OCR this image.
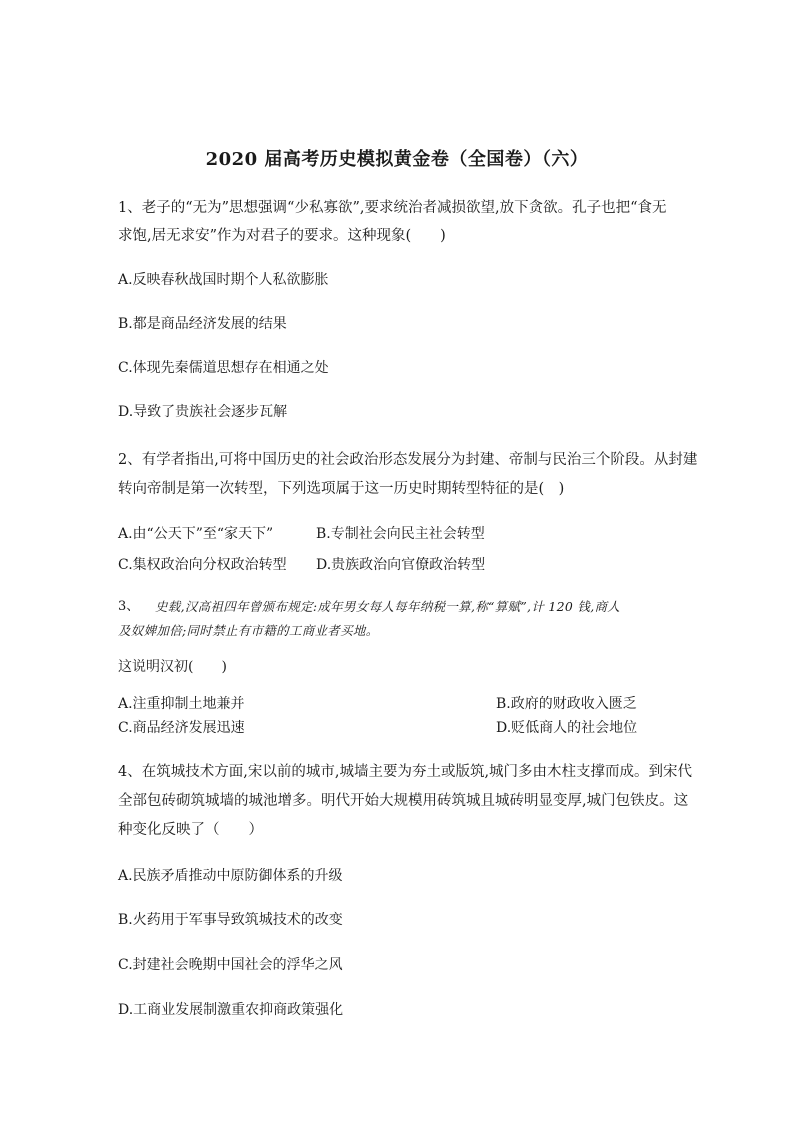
2020 届高考历史模拟黄金卷（全国卷）（六）
1、老子的“无为”思想强调“少私寡欲”,要求统治者减损欲望,放下贪欲。孔子也把“食无
求饱,居无求安”作为对君子的要求。这种现象(　　)
A.反映春秋战国时期个人私欲膨胀
B.都是商品经济发展的结果
C.体现先秦儒道思想存在相通之处
D.导致了贵族社会逐步瓦解
2、有学者指出,可将中国历史的社会政治形态发展分为封建、帝制与民治三个阶段。从封建
转向帝制是第一次转型，下列选项属于这一历史时期转型特征的是(　)
A.由“公天下”至“家天下”	B.专制社会向民主社会转型
C.集权政治向分权政治转型 D.贵族政治向官僚政治转型
3、 史载,汉高祖四年曾颁布规定:成年男女每人每年纳税一算,称“算赋”,计 120 钱,商人
及奴婢加倍;同时禁止有市籍的工商业者买地。
这说明汉初(　　)
A.注重抑制土地兼并	B.政府的财政收入匮乏
C.商品经济发展迅速	D.贬低商人的社会地位
4、在筑城技术方面,宋以前的城市,城墙主要为夯土或版筑,城门多由木柱支撑而成。到宋代
全部包砖砌筑城墙的城池增多。明代开始大规模用砖筑城且城砖明显变厚,城门包铁皮。这
种变化反映了（　　）
A.民族矛盾推动中原防御体系的升级
B.火药用于军事导致筑城技术的改变
C.封建社会晚期中国社会的浮华之风
D.工商业发展制激重农抑商政策强化
